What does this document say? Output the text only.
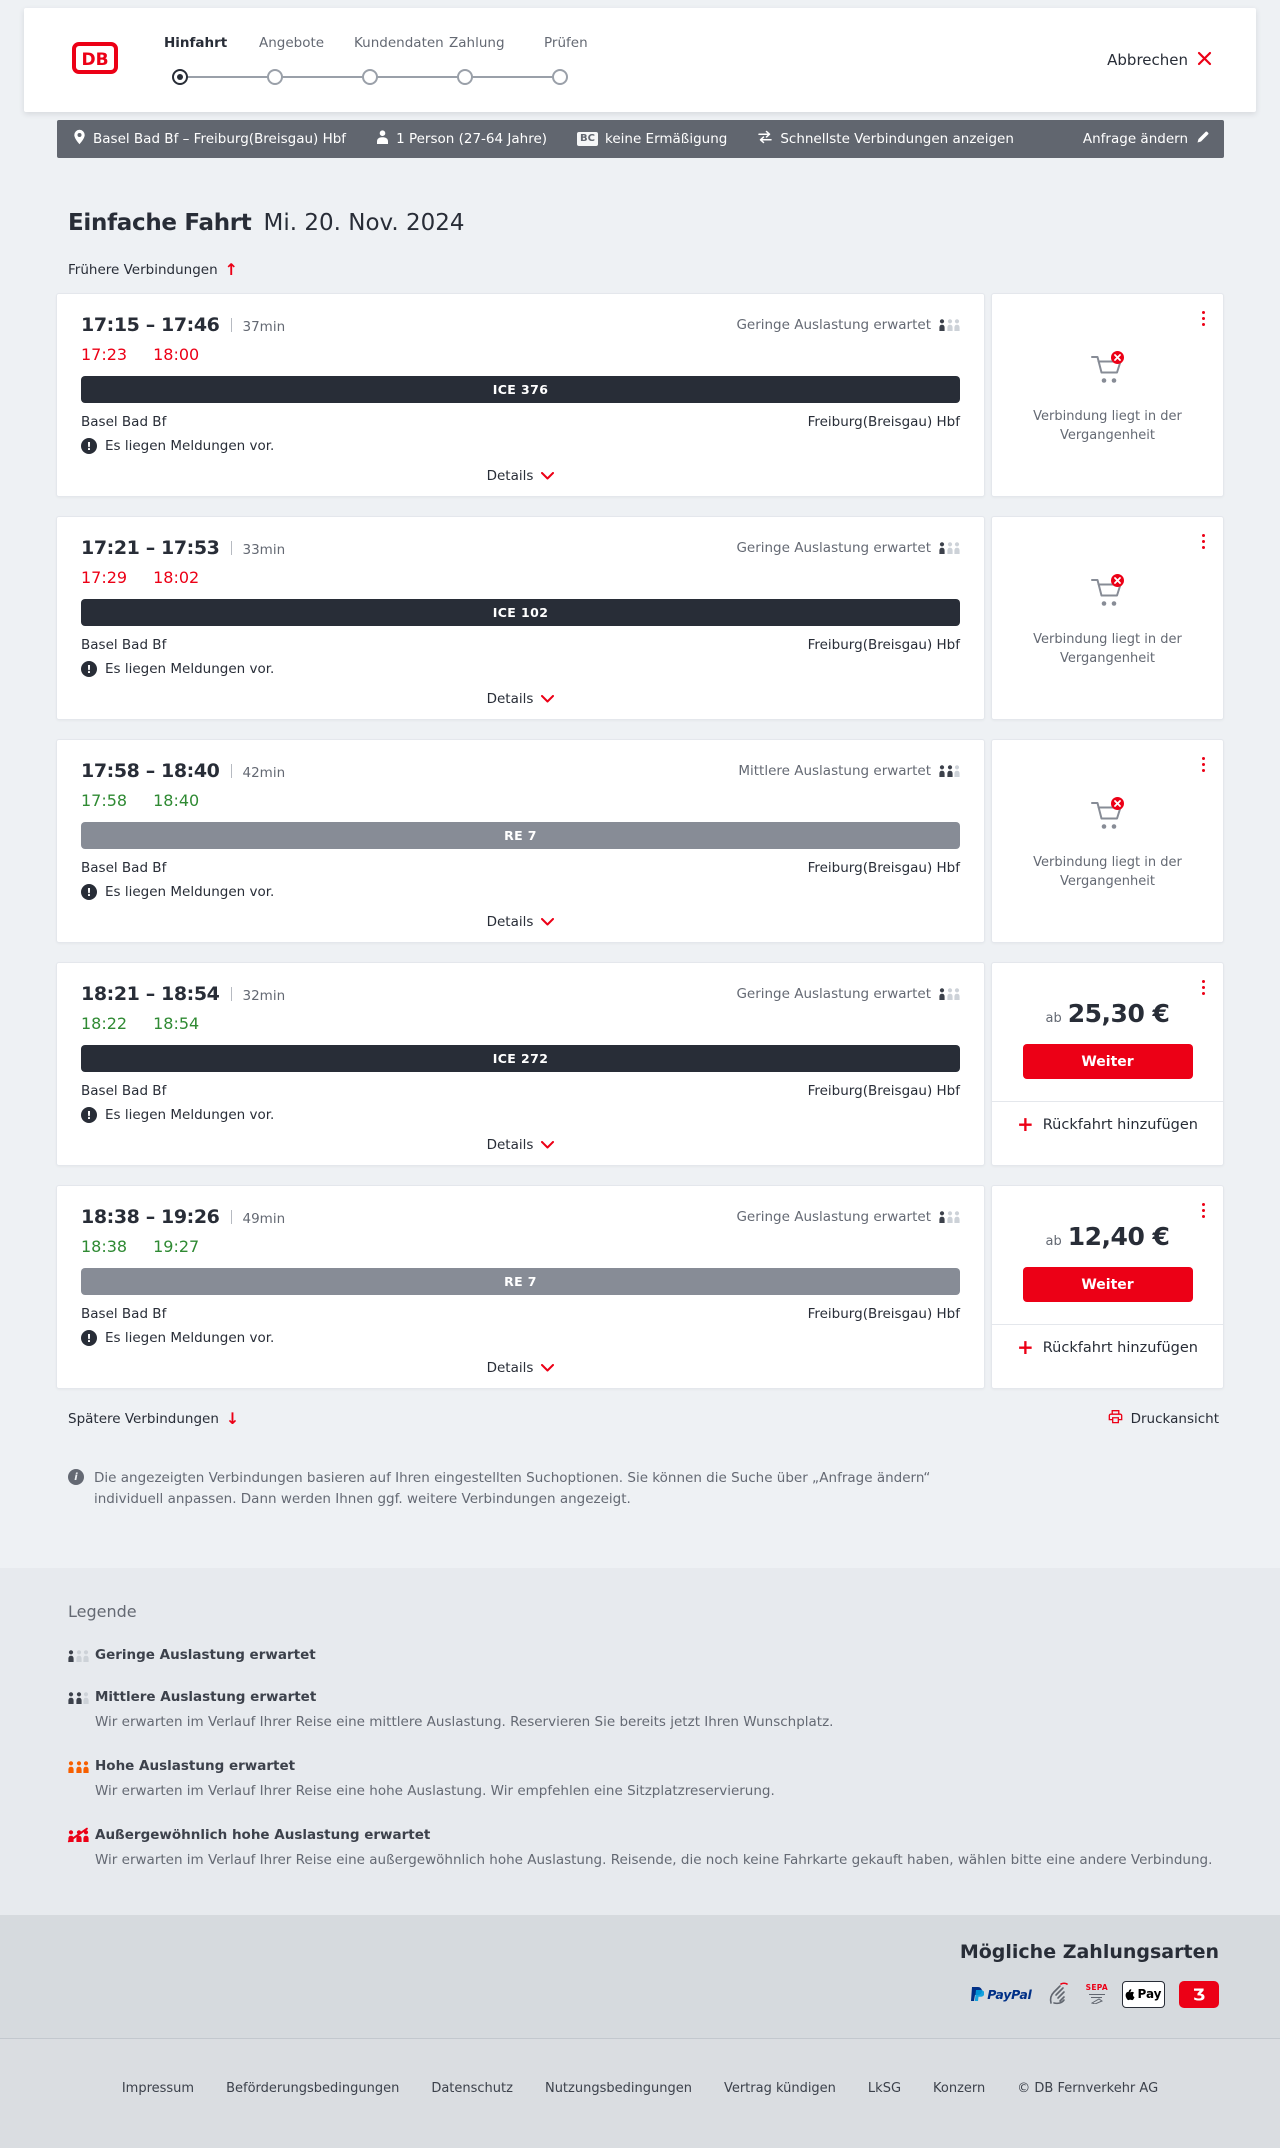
DB
Hinfahrt	Angebote	Kundendaten Zahlung	Prüfen
Abbrechen
Basel Bad Bf – Freiburg(Breisgau) Hbf	1 Person (27-64 Jahre)	BC keine Ermäßigung	Schnellste Verbindungen anzeigen	Anfrage ändern
Einfache Fahrt Mi. 20. Nov. 2024
Frühere Verbindungen ↑
17:15 – 17:46 37min	Geringe Auslastung erwartet
17:23 18:00
ICE 376
Basel Bad Bf	Freiburg(Breisgau) Hbf
!
Es liegen Meldungen vor.
Details

Verbindung liegt in der Vergangenheit

17:21 – 17:53 33min	Geringe Auslastung erwartet
17:29 18:02
ICE 102
Basel Bad Bf	Freiburg(Breisgau) Hbf
!
Es liegen Meldungen vor.
Details

Verbindung liegt in der Vergangenheit

17:58 – 18:40 42min	Mittlere Auslastung erwartet
17:58 18:40
RE 7
Basel Bad Bf	Freiburg(Breisgau) Hbf
!
Es liegen Meldungen vor.
Details

Verbindung liegt in der Vergangenheit

18:21 – 18:54 32min	Geringe Auslastung erwartet
18:22 18:54
ICE 272
Basel Bad Bf	Freiburg(Breisgau) Hbf
!
Es liegen Meldungen vor.
Details
ab 25,30 €
Weiter
+ Rückfahrt hinzufügen
18:38 – 19:26 49min	Geringe Auslastung erwartet
18:38 19:27
RE 7
Basel Bad Bf	Freiburg(Breisgau) Hbf
!
Es liegen Meldungen vor.
Details
ab 12,40 €
Weiter
+ Rückfahrt hinzufügen
Spätere Verbindungen ↓	Druckansicht
i

Die angezeigten Verbindungen basieren auf Ihren eingestellten Suchoptionen. Sie können die Suche über „Anfrage ändern“ individuell anpassen. Dann werden Ihnen ggf. weitere Verbindungen angezeigt.

Legende
Geringe Auslastung erwartet
Mittlere Auslastung erwartet
Wir erwarten im Verlauf Ihrer Reise eine mittlere Auslastung. Reservieren Sie bereits jetzt Ihren Wunschplatz.
Hohe Auslastung erwartet
Wir erwarten im Verlauf Ihrer Reise eine hohe Auslastung. Wir empfehlen eine Sitzplatzreservierung.
Außergewöhnlich hohe Auslastung erwartet
Wir erwarten im Verlauf Ihrer Reise eine außergewöhnlich hohe Auslastung. Reisende, die noch keine Fahrkarte gekauft haben, wählen bitte eine andere Verbindung.
Mögliche Zahlungsarten
PayPal	SEPA Pay Ʒ
Impressum Beförderungsbedingungen Datenschutz Nutzungsbedingungen Vertrag kündigen LkSG Konzern © DB Fernverkehr AG
